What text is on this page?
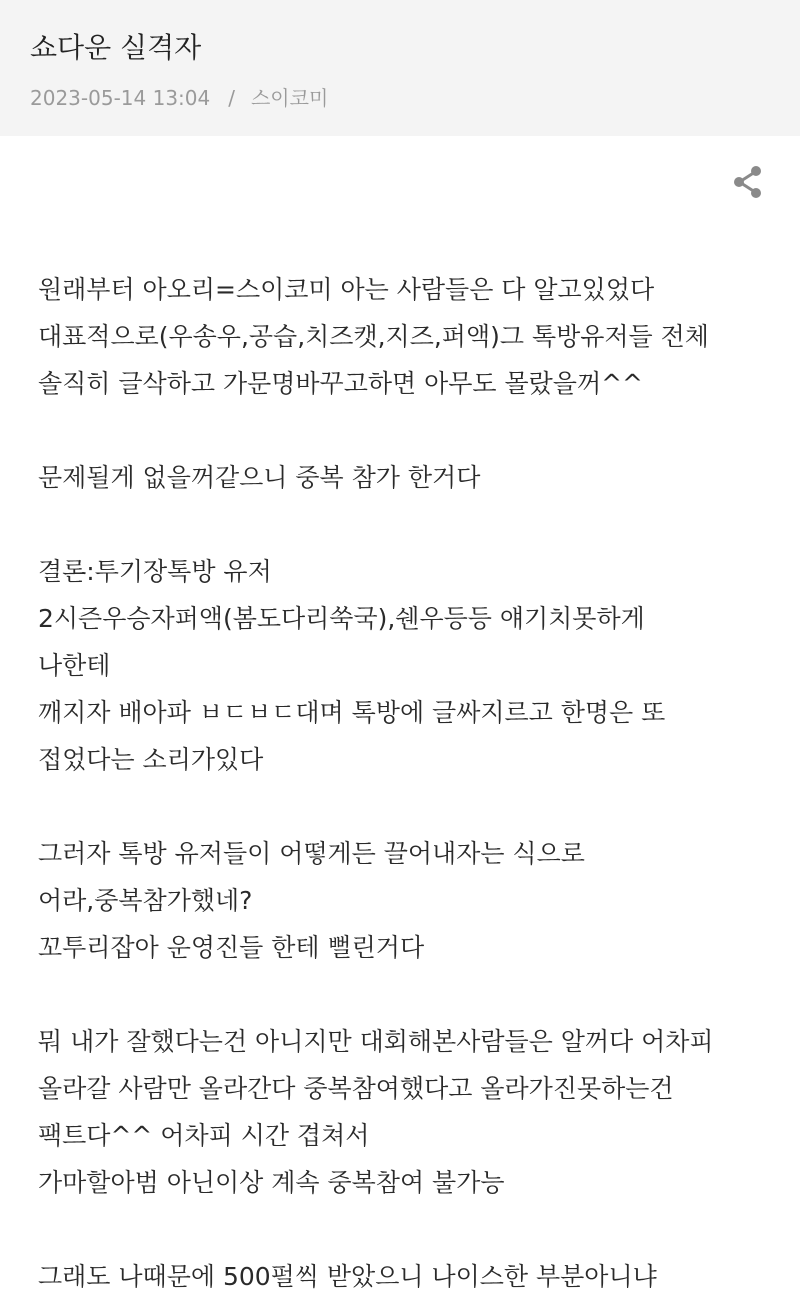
쇼다운 실격자
2023-05-14 13:04 / 스이코미
원래부터 아오리=스이코미 아는 사람들은 다 알고있었다
대표적으로(우송우,공습,치즈캣,지즈,퍼액)그 톡방유저들 전체
솔직히 글삭하고 가문명바꾸고하면 아무도 몰랐을꺼^^
문제될게 없을꺼같으니 중복 참가 한거다
결론:투기장톡방 유저
2시즌우승자퍼액(봄도다리쑥국),쉔우등등 얘기치못하게
나한테
깨지자 배아파 ㅂㄷㅂㄷ대며 톡방에 글싸지르고 한명은 또
접었다는 소리가있다
그러자 톡방 유저들이 어떻게든 끌어내자는 식으로
어라,중복참가했네?
꼬투리잡아 운영진들 한테 뻘린거다
뭐 내가 잘했다는건 아니지만 대회해본사람들은 알꺼다 어차피
올라갈 사람만 올라간다 중복참여했다고 올라가진못하는건
팩트다^^ 어차피 시간 겹쳐서
가마할아범 아닌이상 계속 중복참여 불가능
그래도 나때문에 500펄씩 받았으니 나이스한 부분아니냐
